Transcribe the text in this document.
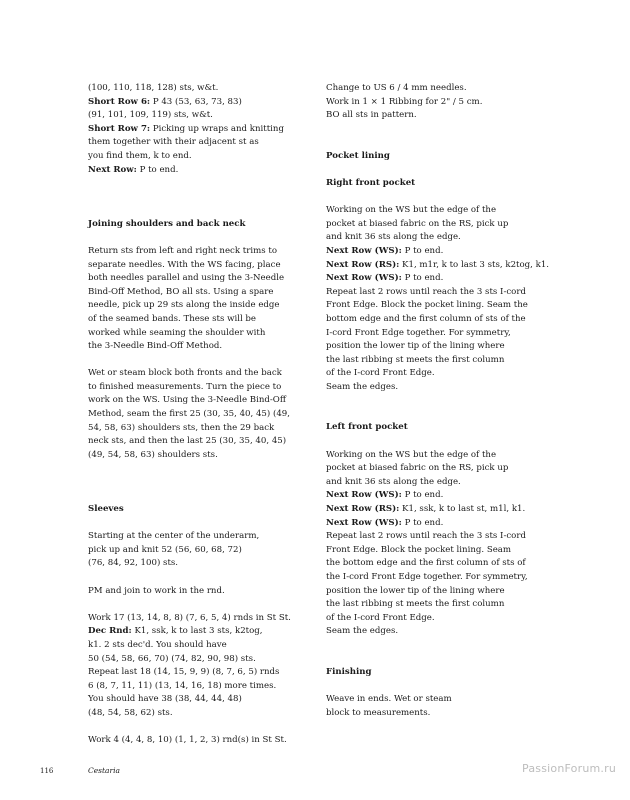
(100, 110, 118, 128) sts, w&t.
Short Row 6: P 43 (53, 63, 73, 83)
(91, 101, 109, 119) sts, w&t.
Short Row 7: Picking up wraps and knitting
them together with their adjacent st as
you find them, k to end.
Next Row: P to end.
Joining shoulders and back neck
Return sts from left and right neck trims to
separate needles. With the WS facing, place
both needles parallel and using the 3-Needle
Bind-Off Method, BO all sts. Using a spare
needle, pick up 29 sts along the inside edge
of the seamed bands. These sts will be
worked while seaming the shoulder with
the 3-Needle Bind-Off Method.
Wet or steam block both fronts and the back
to finished measurements. Turn the piece to
work on the WS. Using the 3-Needle Bind-Off
Method, seam the first 25 (30, 35, 40, 45) (49,
54, 58, 63) shoulders sts, then the 29 back
neck sts, and then the last 25 (30, 35, 40, 45)
(49, 54, 58, 63) shoulders sts.
Sleeves
Starting at the center of the underarm,
pick up and knit 52 (56, 60, 68, 72)
(76, 84, 92, 100) sts.
PM and join to work in the rnd.
Work 17 (13, 14, 8, 8) (7, 6, 5, 4) rnds in St St.
Dec Rnd: K1, ssk, k to last 3 sts, k2tog,
k1. 2 sts dec'd. You should have
50 (54, 58, 66, 70) (74, 82, 90, 98) sts.
Repeat last 18 (14, 15, 9, 9) (8, 7, 6, 5) rnds
6 (8, 7, 11, 11) (13, 14, 16, 18) more times.
You should have 38 (38, 44, 44, 48)
(48, 54, 58, 62) sts.
Work 4 (4, 4, 8, 10) (1, 1, 2, 3) rnd(s) in St St.
Change to US 6 / 4 mm needles.
Work in 1 × 1 Ribbing for 2" / 5 cm.
BO all sts in pattern.
Pocket lining
Right front pocket
Working on the WS but the edge of the
pocket at biased fabric on the RS, pick up
and knit 36 sts along the edge.
Next Row (WS): P to end.
Next Row (RS): K1, m1r, k to last 3 sts, k2tog, k1.
Next Row (WS): P to end.
Repeat last 2 rows until reach the 3 sts I-cord
Front Edge. Block the pocket lining. Seam the
bottom edge and the first column of sts of the
I-cord Front Edge together. For symmetry,
position the lower tip of the lining where
the last ribbing st meets the first column
of the I-cord Front Edge.
Seam the edges.
Left front pocket
Working on the WS but the edge of the
pocket at biased fabric on the RS, pick up
and knit 36 sts along the edge.
Next Row (WS): P to end.
Next Row (RS): K1, ssk, k to last st, m1l, k1.
Next Row (WS): P to end.
Repeat last 2 rows until reach the 3 sts I-cord
Front Edge. Block the pocket lining. Seam
the bottom edge and the first column of sts of
the I-cord Front Edge together. For symmetry,
position the lower tip of the lining where
the last ribbing st meets the first column
of the I-cord Front Edge.
Seam the edges.
Finishing
Weave in ends. Wet or steam
block to measurements.
116	Cestaria	PassionForum.ru
